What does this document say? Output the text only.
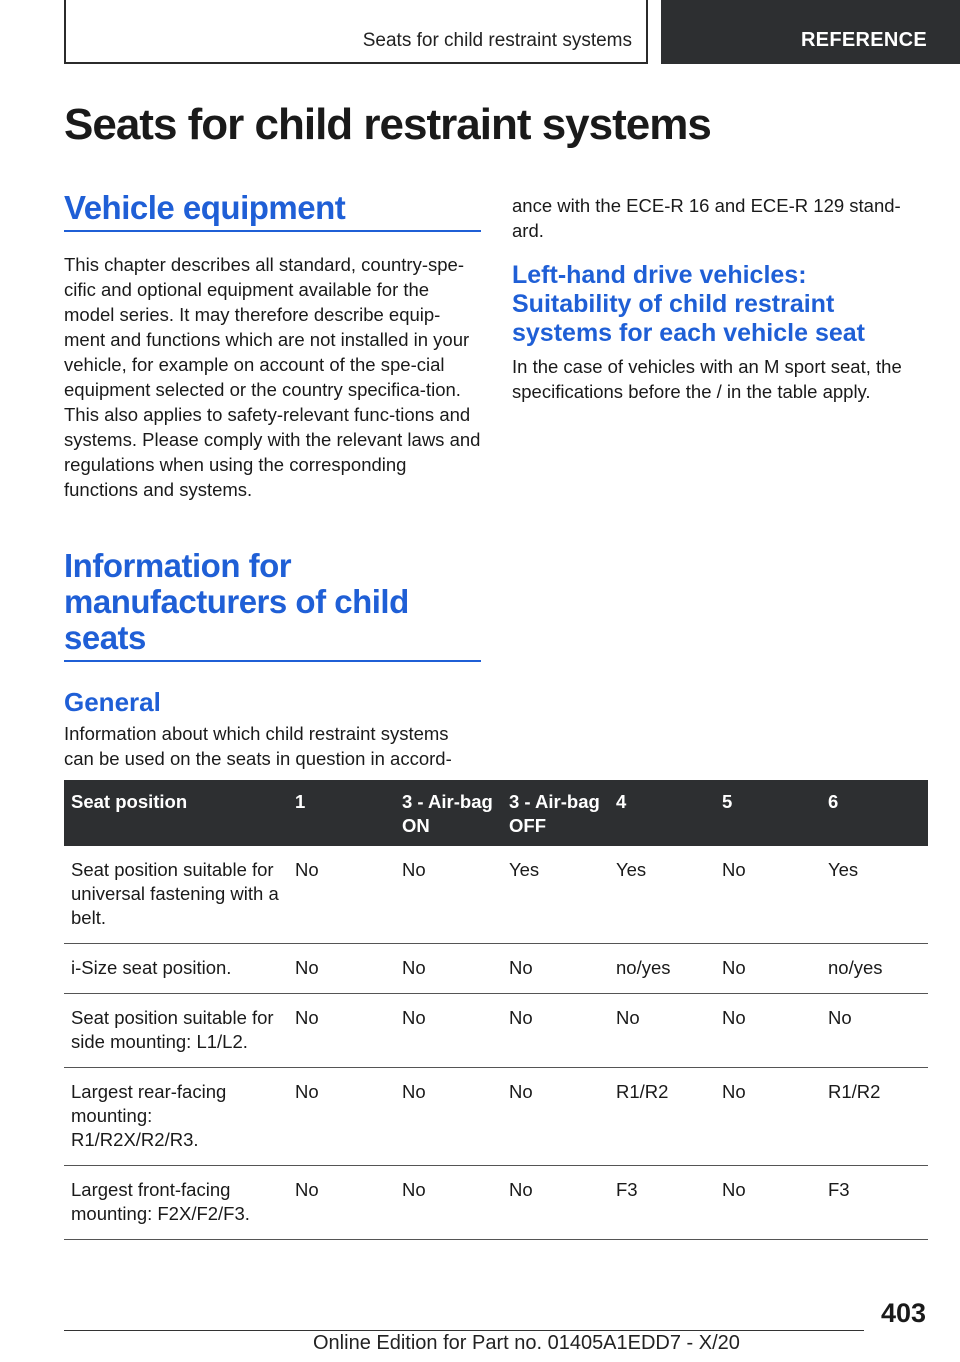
Seats for child restraint systems	REFERENCE
Seats for child restraint systems
Vehicle equipment

This chapter describes all standard, country-spe-cific and optional equipment available for the model series. It may therefore describe equip-ment and functions which are not installed in your vehicle, for example on account of the spe-cial equipment selected or the country specifica-tion. This also applies to safety-relevant func-tions and systems. Please comply with the relevant laws and regulations when using the corresponding functions and systems.

Information for manufacturers of child seats
General

Information about which child restraint systems can be used on the seats in question in accord-

ance with the ECE-R 16 and ECE-R 129 stand-ard.

Left-hand drive vehicles: Suitability of child restraint systems for each vehicle seat

In the case of vehicles with an M sport seat, the specifications before the / in the table apply.

Seat position	1	3 - Air-bag ON	3 - Air-bag OFF	4	5	6
Seat position suitable for universal fastening with a belt.	No	No	Yes	Yes	No	Yes
i-Size seat position.	No	No	No	no/yes	No	no/yes
Seat position suitable for side mounting: L1/L2.	No	No	No	No	No	No
Largest rear-facing mounting: R1/R2X/R2/R3.	No	No	No	R1/R2	No	R1/R2
Largest front-facing mounting: F2X/F2/F3.	No	No	No	F3	No	F3
403
Online Edition for Part no. 01405A1EDD7 - X/20
